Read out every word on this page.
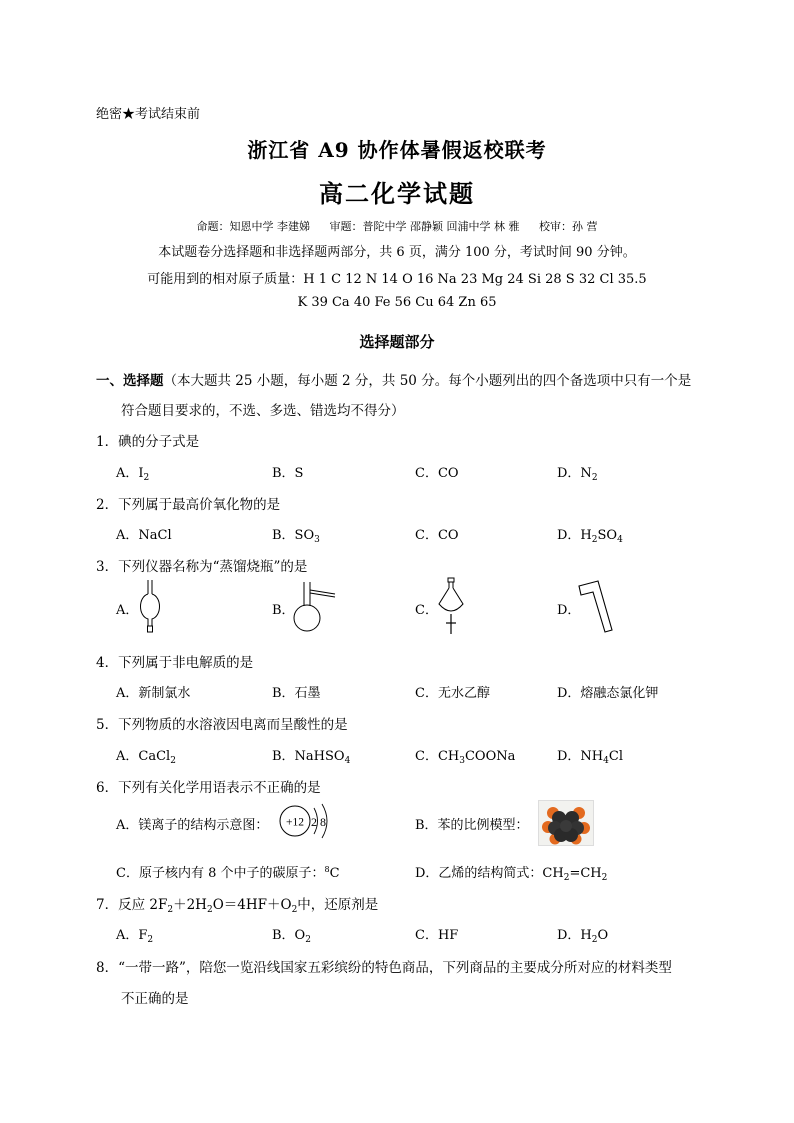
绝密★考试结束前
浙江省 A9 协作体暑假返校联考
高二化学试题
命题：知恩中学 李建娣 审题：普陀中学 邵静颖 回浦中学 林 雅 校审：孙 营
本试题卷分选择题和非选择题两部分，共 6 页，满分 100 分，考试时间 90 分钟。
可能用到的相对原子质量：H 1 C 12 N 14 O 16 Na 23 Mg 24 Si 28 S 32 Cl 35.5
K 39 Ca 40 Fe 56 Cu 64 Zn 65
选择题部分
一、选择题（本大题共 25 小题，每小题 2 分，共 50 分。每个小题列出的四个备选项中只有一个是
符合题目要求的，不选、多选、错选均不得分）
1．碘的分子式是
A．$I_2$	B．S	C．CO	D．$N_2$
2．下列属于最高价氧化物的是
A．NaCl	B．$SO_3$	C．CO	D．$H_2SO_4$
3．下列仪器名称为“蒸馏烧瓶”的是
A．	B．	C．	D．
4．下列属于非电解质的是
A．新制氯水	B．石墨	C．无水乙醇	D．熔融态氯化钾
5．下列物质的水溶液因电离而呈酸性的是
A．CaCl$_2$	B．NaHSO$_4$	C．$CH_3COONa$	D．$NH_4Cl$
6．下列有关化学用语表示不正确的是
A．镁离子的结构示意图： +12 2 8	B．苯的比例模型：
C．原子核内有 8 个中子的碳原子：$^8$C	D．乙烯的结构简式：$CH_2=CH_2$
7．反应 $2F_2+2H_2O=4HF+O_2$中，还原剂是
A．$F_2$	B．$O_2$	C．HF	D．$H_2O$
8．“一带一路”，陪您一览沿线国家五彩缤纷的特色商品，下列商品的主要成分所对应的材料类型
不正确的是
